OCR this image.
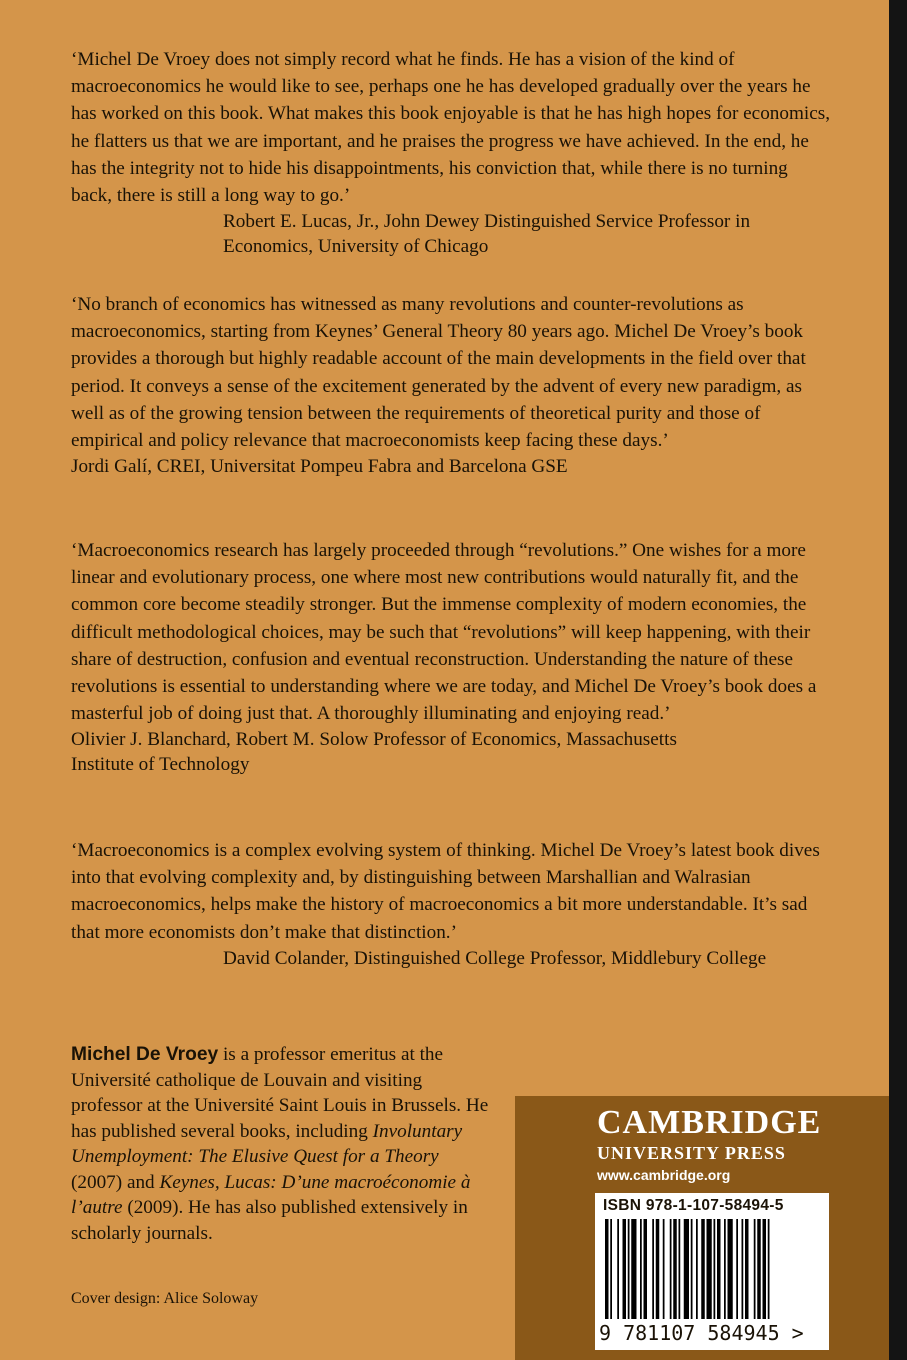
‘Michel De Vroey does not simply record what he finds. He has a vision of the kind of macroeconomics he would like to see, perhaps one he has developed gradually over the years he has worked on this book. What makes this book enjoyable is that he has high hopes for economics, he flatters us that we are important, and he praises the progress we have achieved. In the end, he has the integrity not to hide his disappointments, his conviction that, while there is no turning back, there is still a long way to go.’

Robert E. Lucas, Jr., John Dewey Distinguished Service Professor in Economics, University of Chicago

‘No branch of economics has witnessed as many revolutions and counter-revolutions as macroeconomics, starting from Keynes’ General Theory 80 years ago. Michel De Vroey’s book provides a thorough but highly readable account of the main developments in the field over that period. It conveys a sense of the excitement generated by the advent of every new paradigm, as well as of the growing tension between the requirements of theoretical purity and those of empirical and policy relevance that macroeconomists keep facing these days.’

Jordi Galí, CREI, Universitat Pompeu Fabra and Barcelona GSE

‘Macroeconomics research has largely proceeded through “revolutions.” One wishes for a more linear and evolutionary process, one where most new contributions would naturally fit, and the common core become steadily stronger. But the immense complexity of modern economies, the difficult methodological choices, may be such that “revolutions” will keep happening, with their share of destruction, confusion and eventual reconstruction. Understanding the nature of these revolutions is essential to understanding where we are today, and Michel De Vroey’s book does a masterful job of doing just that. A thoroughly illuminating and enjoying read.’

Olivier J. Blanchard, Robert M. Solow Professor of Economics, Massachusetts Institute of Technology

‘Macroeconomics is a complex evolving system of thinking. Michel De Vroey’s latest book dives into that evolving complexity and, by distinguishing between Marshallian and Walrasian macroeconomics, helps make the history of macroeconomics a bit more understandable. It’s sad that more economists don’t make that distinction.’

David Colander, Distinguished College Professor, Middlebury College

Michel De Vroey is a professor emeritus at the Université catholique de Louvain and visiting professor at the Université Saint Louis in Brussels. He has published several books, including Involuntary Unemployment: The Elusive Quest for a Theory (2007) and Keynes, Lucas: D’une macroéconomie à l’autre (2009). He has also published extensively in scholarly journals.
Cover design: Alice Soloway
CAMBRIDGE
UNIVERSITY PRESS
www.cambridge.org
ISBN 978-1-107-58494-5
9 781107 584945 >
